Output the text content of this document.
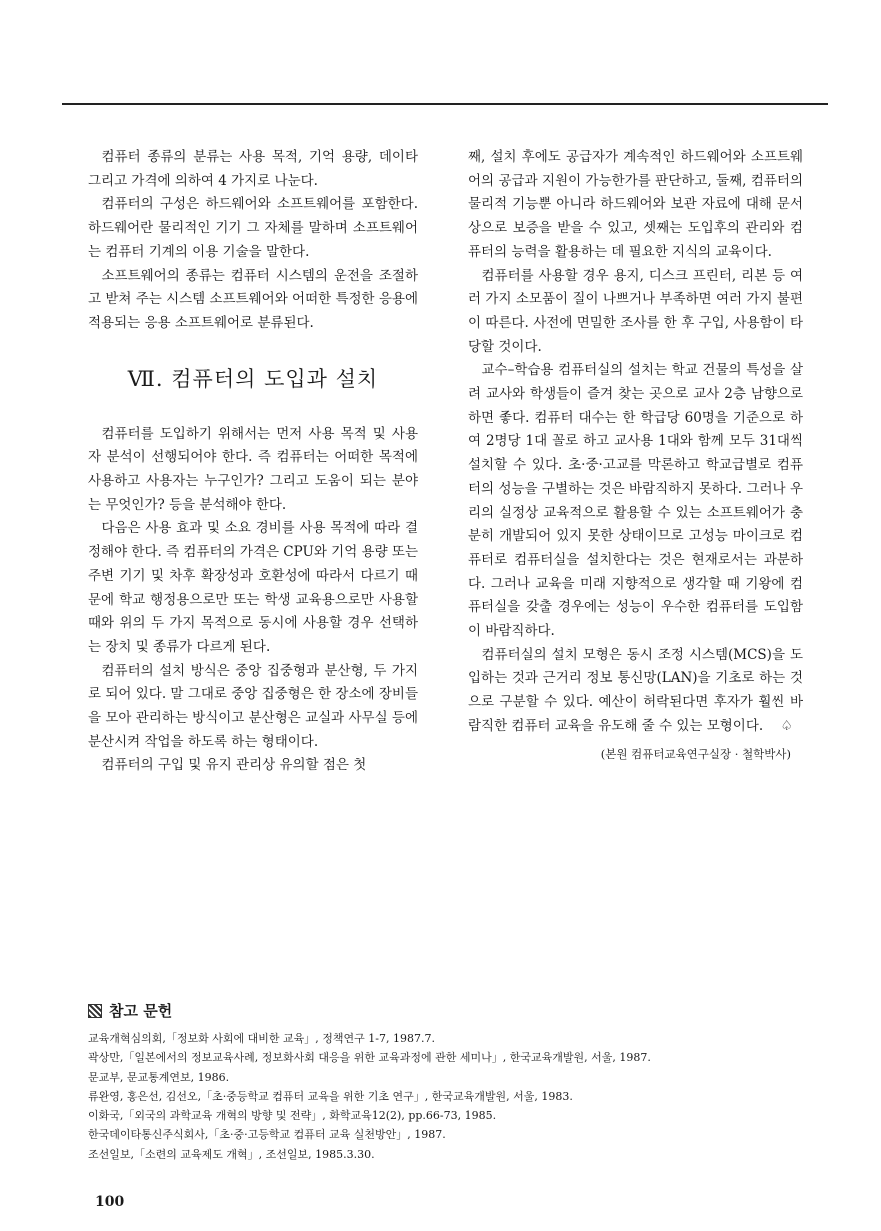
컴퓨터 종류의 분류는 사용 목적, 기억 용량, 데이타 그리고 가격에 의하여 4 가지로 나눈다.

컴퓨터의 구성은 하드웨어와 소프트웨어를 포함한다. 하드웨어란 물리적인 기기 그 자체를 말하며 소프트웨어는 컴퓨터 기계의 이용 기술을 말한다.

소프트웨어의 종류는 컴퓨터 시스템의 운전을 조절하고 받쳐 주는 시스템 소프트웨어와 어떠한 특정한 응용에 적용되는 응용 소프트웨어로 분류된다.

Ⅶ. 컴퓨터의 도입과 설치

컴퓨터를 도입하기 위해서는 먼저 사용 목적 및 사용자 분석이 선행되어야 한다. 즉 컴퓨터는 어떠한 목적에 사용하고 사용자는 누구인가? 그리고 도움이 되는 분야는 무엇인가? 등을 분석해야 한다.

다음은 사용 효과 및 소요 경비를 사용 목적에 따라 결정해야 한다. 즉 컴퓨터의 가격은 CPU와 기억 용량 또는 주변 기기 및 차후 확장성과 호환성에 따라서 다르기 때문에 학교 행정용으로만 또는 학생 교육용으로만 사용할 때와 위의 두 가지 목적으로 동시에 사용할 경우 선택하는 장치 및 종류가 다르게 된다.

컴퓨터의 설치 방식은 중앙 집중형과 분산형, 두 가지로 되어 있다. 말 그대로 중앙 집중형은 한 장소에 장비들을 모아 관리하는 방식이고 분산형은 교실과 사무실 등에 분산시켜 작업을 하도록 하는 형태이다.

컴퓨터의 구입 및 유지 관리상 유의할 점은 첫

째, 설치 후에도 공급자가 계속적인 하드웨어와 소프트웨어의 공급과 지원이 가능한가를 판단하고, 둘째, 컴퓨터의 물리적 기능뿐 아니라 하드웨어와 보관 자료에 대해 문서상으로 보증을 받을 수 있고, 셋째는 도입후의 관리와 컴퓨터의 능력을 활용하는 데 필요한 지식의 교육이다.

컴퓨터를 사용할 경우 용지, 디스크 프린터, 리본 등 여러 가지 소모품이 질이 나쁘거나 부족하면 여러 가지 불편이 따른다. 사전에 면밀한 조사를 한 후 구입, 사용함이 타당할 것이다.

교수–학습용 컴퓨터실의 설치는 학교 건물의 특성을 살려 교사와 학생들이 즐겨 찾는 곳으로 교사 2층 남향으로 하면 좋다. 컴퓨터 대수는 한 학급당 60명을 기준으로 하여 2명당 1대 꼴로 하고 교사용 1대와 함께 모두 31대씩 설치할 수 있다. 초·중·고교를 막론하고 학교급별로 컴퓨터의 성능을 구별하는 것은 바람직하지 못하다. 그러나 우리의 실정상 교육적으로 활용할 수 있는 소프트웨어가 충분히 개발되어 있지 못한 상태이므로 고성능 마이크로 컴퓨터로 컴퓨터실을 설치한다는 것은 현재로서는 과분하다. 그러나 교육을 미래 지향적으로 생각할 때 기왕에 컴퓨터실을 갖출 경우에는 성능이 우수한 컴퓨터를 도입함이 바람직하다.

컴퓨터실의 설치 모형은 동시 조정 시스템(MCS)을 도입하는 것과 근거리 정보 통신망(LAN)을 기초로 하는 것으로 구분할 수 있다. 예산이 허락된다면 후자가 훨씬 바람직한 컴퓨터 교육을 유도해 줄 수 있는 모형이다. ♤

(본원 컴퓨터교육연구실장 · 철학박사)
참고 문헌
교육개혁심의회,「정보화 사회에 대비한 교육」, 정책연구 1-7, 1987.7.
곽상만,「일본에서의 정보교육사례, 정보화사회 대응을 위한 교육과정에 관한 세미나」, 한국교육개발원, 서울, 1987.
문교부, 문교통계연보, 1986.
류완영, 홍은선, 김선오,「초·중등학교 컴퓨터 교육을 위한 기초 연구」, 한국교육개발원, 서울, 1983.
이화국,「외국의 과학교육 개혁의 방향 및 전략」, 화학교육12(2), pp.66-73, 1985.
한국데이타통신주식회사,「초·중·고등학교 컴퓨터 교육 실천방안」, 1987.
조선일보,「소련의 교육제도 개혁」, 조선일보, 1985.3.30.
100
